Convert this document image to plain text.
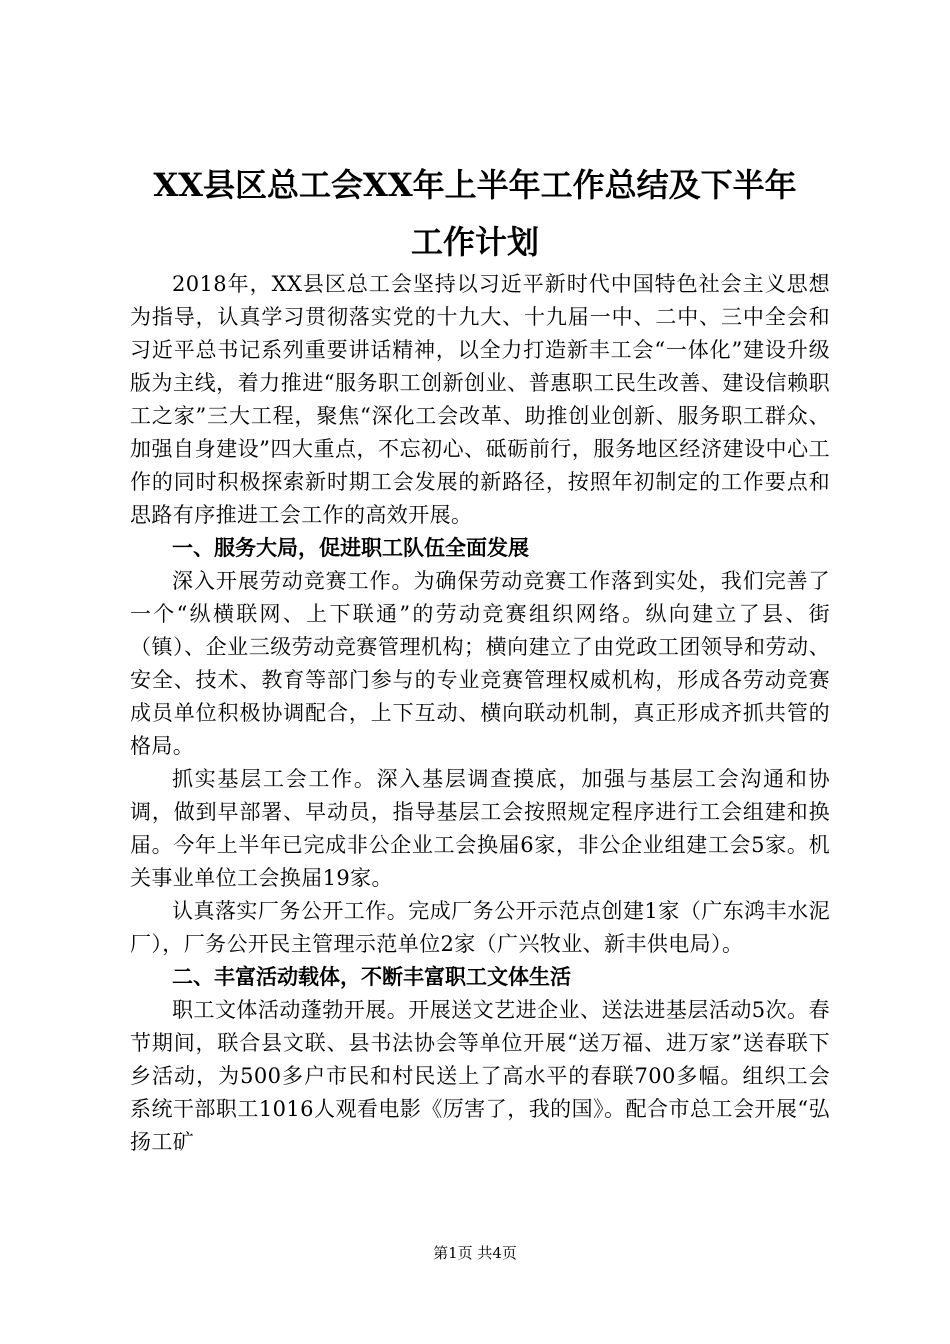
XX县区总工会XX年上半年工作总结及下半年
工作计划

2018年，XX县区总工会坚持以习近平新时代中国特色社会主义思想为指导，认真学习贯彻落实党的十九大、十九届一中、二中、三中全会和习近平总书记系列重要讲话精神，以全力打造新丰工会“一体化”建设升级版为主线，着力推进“服务职工创新创业、普惠职工民生改善、建设信赖职工之家”三大工程，聚焦“深化工会改革、助推创业创新、服务职工群众、加强自身建设”四大重点，不忘初心、砥砺前行，服务地区经济建设中心工作的同时积极探索新时期工会发展的新路径，按照年初制定的工作要点和思路有序推进工会工作的高效开展。

一、服务大局，促进职工队伍全面发展

深入开展劳动竞赛工作。为确保劳动竞赛工作落到实处，我们完善了一个“纵横联网、上下联通”的劳动竞赛组织网络。纵向建立了县、街（镇）、企业三级劳动竞赛管理机构；横向建立了由党政工团领导和劳动、安全、技术、教育等部门参与的专业竞赛管理权威机构，形成各劳动竞赛成员单位积极协调配合，上下互动、横向联动机制，真正形成齐抓共管的格局。

抓实基层工会工作。深入基层调查摸底，加强与基层工会沟通和协调，做到早部署、早动员，指导基层工会按照规定程序进行工会组建和换届。今年上半年已完成非公企业工会换届6家，非公企业组建工会5家。机关事业单位工会换届19家。

认真落实厂务公开工作。完成厂务公开示范点创建1家（广东鸿丰水泥厂），厂务公开民主管理示范单位2家（广兴牧业、新丰供电局）。

二、丰富活动载体，不断丰富职工文体生活

职工文体活动蓬勃开展。开展送文艺进企业、送法进基层活动5次。春节期间，联合县文联、县书法协会等单位开展“送万福、进万家”送春联下乡活动，为500多户市民和村民送上了高水平的春联700多幅。组织工会系统干部职工1016人观看电影《厉害了，我的国》。配合市总工会开展“弘扬工矿

第1页 共4页
